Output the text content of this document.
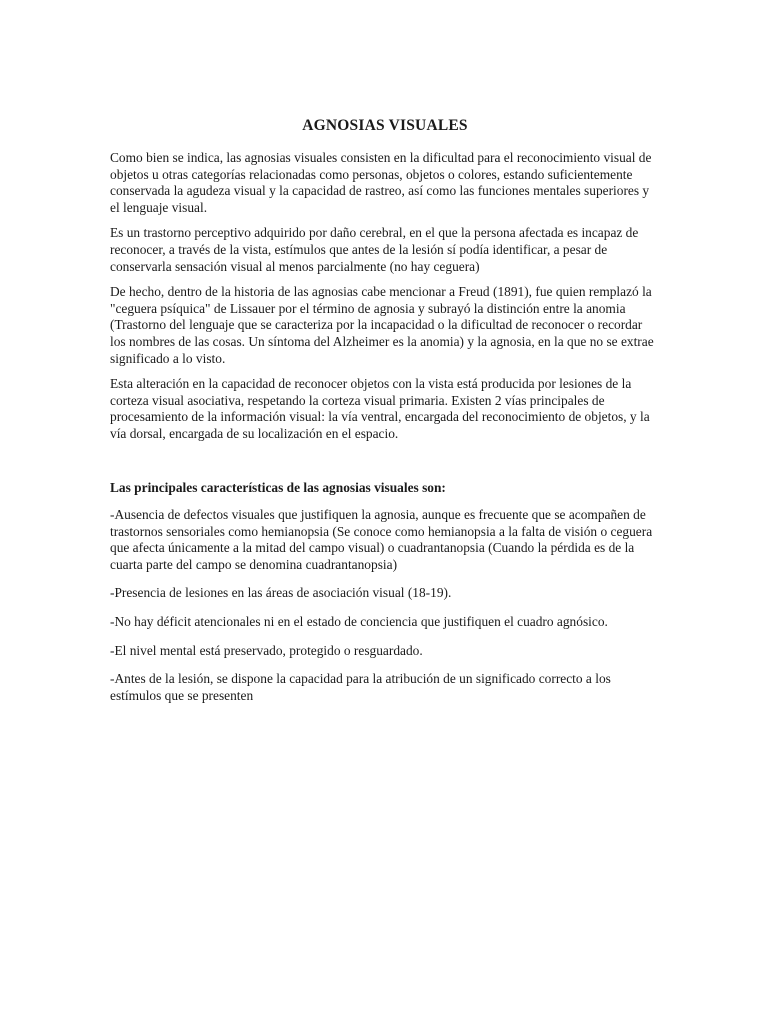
AGNOSIAS VISUALES

Como bien se indica, las agnosias visuales consisten en la dificultad para el reconocimiento visual de objetos u otras categorías relacionadas como personas, objetos o colores, estando suficientemente conservada la agudeza visual y la capacidad de rastreo, así como las funciones mentales superiores y el lenguaje visual.

Es un trastorno perceptivo adquirido por daño cerebral, en el que la persona afectada es incapaz de reconocer, a través de la vista, estímulos que antes de la lesión sí podía identificar, a pesar de conservarla sensación visual al menos parcialmente (no hay ceguera)

De hecho, dentro de la historia de las agnosias cabe mencionar a Freud (1891), fue quien remplazó la "ceguera psíquica" de Lissauer por el término de agnosia y subrayó la distinción entre la anomia (Trastorno del lenguaje que se caracteriza por la incapacidad o la dificultad de reconocer o recordar los nombres de las cosas. Un síntoma del Alzheimer es la anomia) y la agnosia, en la que no se extrae significado a lo visto.

Esta alteración en la capacidad de reconocer objetos con la vista está producida por lesiones de la corteza visual asociativa, respetando la corteza visual primaria. Existen 2 vías principales de procesamiento de la información visual: la vía ventral, encargada del reconocimiento de objetos, y la vía dorsal, encargada de su localización en el espacio.

Las principales características de las agnosias visuales son:

-Ausencia de defectos visuales que justifiquen la agnosia, aunque es frecuente que se acompañen de trastornos sensoriales como hemianopsia (Se conoce como hemianopsia a la falta de visión o ceguera que afecta únicamente a la mitad del campo visual) o cuadrantanopsia (Cuando la pérdida es de la cuarta parte del campo se denomina cuadrantanopsia)

-Presencia de lesiones en las áreas de asociación visual (18-19).

-No hay déficit atencionales ni en el estado de conciencia que justifiquen el cuadro agnósico.

-El nivel mental está preservado, protegido o resguardado.

-Antes de la lesión, se dispone la capacidad para la atribución de un significado correcto a los estímulos que se presenten
